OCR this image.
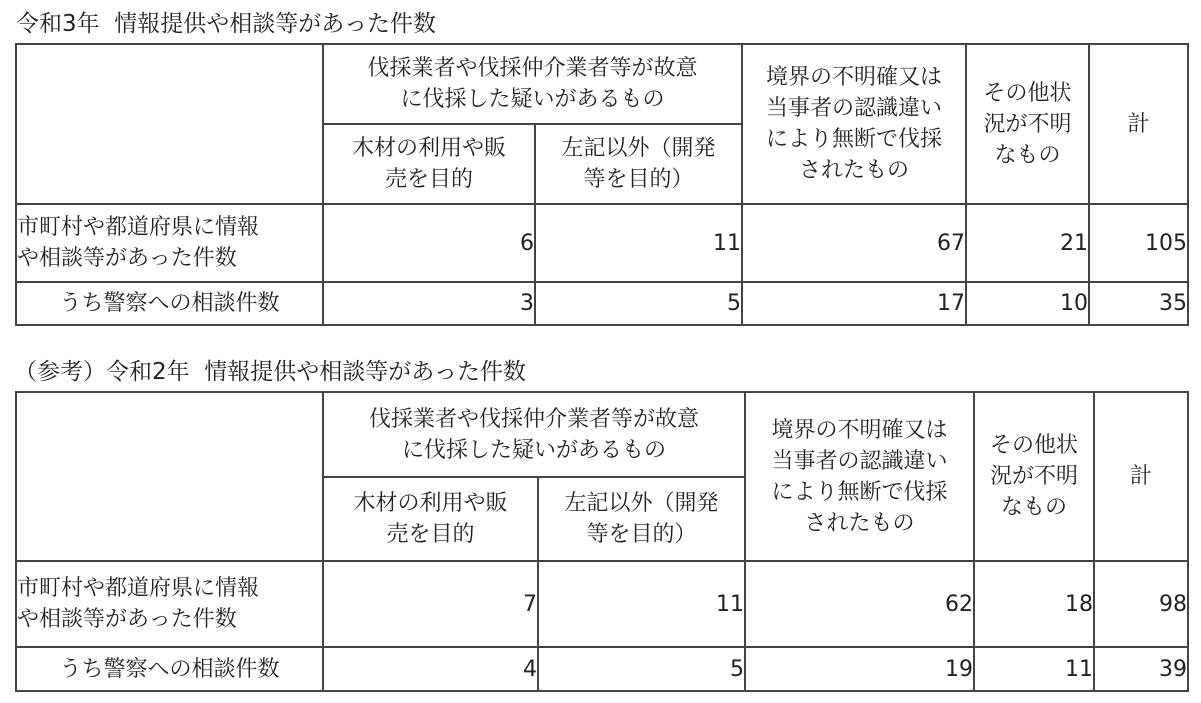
令和3年  情報提供や相談等があった件数

	伐採業者や伐採仲介業者等が故意
に伐採した疑いがあるもの		境界の不明確又は
当事者の認識違い
により無断で伐採
されたもの	その他状
況が不明
なもの	計

	木材の利用や販
売を目的	左記以外（開発
等を目的）			

市町村や都道府県に情報
や相談等があった件数	6	11	67	21	105
うち警察への相談件数	3	5	17	10	35
（参考）令和2年  情報提供や相談等があった件数

	伐採業者や伐採仲介業者等が故意
に伐採した疑いがあるもの		境界の不明確又は
当事者の認識違い
により無断で伐採
されたもの	その他状
況が不明
なもの	計

	木材の利用や販
売を目的	左記以外（開発
等を目的）			

市町村や都道府県に情報
や相談等があった件数	7	11	62	18	98
うち警察への相談件数	4	5	19	11	39
